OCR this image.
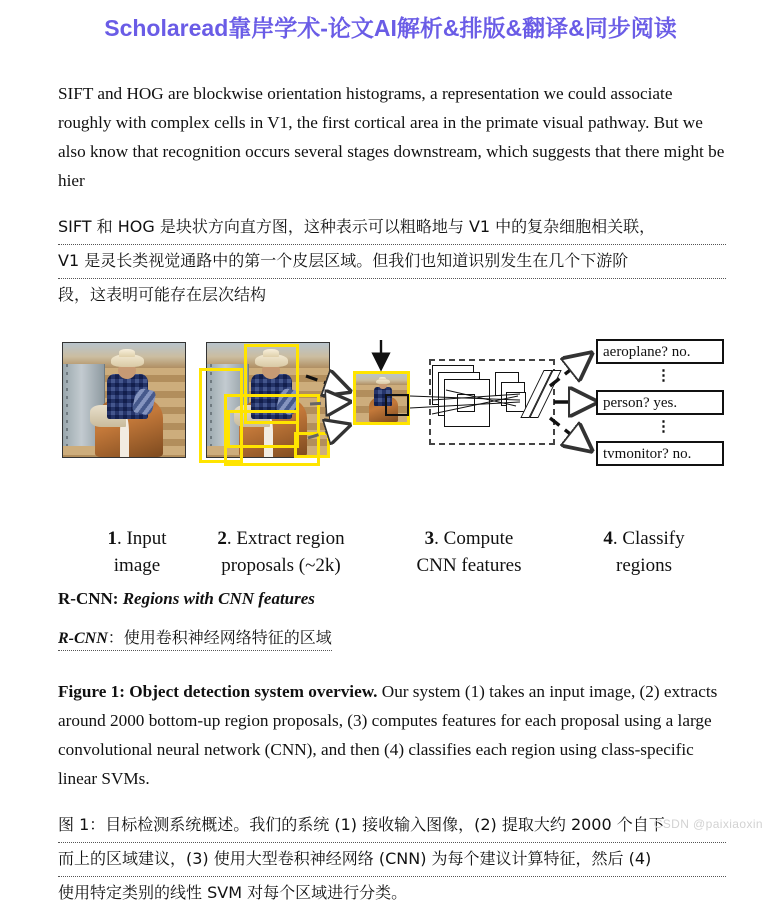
Scholaread靠岸学术-论文AI解析&排版&翻译&同步阅读

SIFT and HOG are blockwise orientation histograms, a representation we could associate roughly with complex cells in V1, the first cortical area in the primate visual pathway. But we also know that recognition occurs several stages downstream, which suggests that there might be hier

SIFT 和 HOG 是块状方向直方图，这种表示可以粗略地与 V1 中的复杂细胞相关联，
V1 是灵长类视觉通路中的第一个皮层区域。但我们也知道识别发生在几个下游阶
段，这表明可能存在层次结构
aeroplane? no.
⋮
person? yes.
⋮
tvmonitor? no.
1. Input
image
2. Extract region
proposals (~2k)
3. Compute
CNN features
4. Classify
regions
R-CNN: Regions with CNN features
R-CNN：使用卷积神经网络特征的区域
Figure 1: Object detection system overview. Our system (1) takes an input image, (2) extracts around 2000 bottom-up region proposals, (3) computes features for each proposal using a large convolutional neural network (CNN), and then (4) classifies each region using class-specific linear SVMs.
图 1：目标检测系统概述。我们的系统 (1) 接收输入图像，(2) 提取大约 2000 个自下
而上的区域建议，(3) 使用大型卷积神经网络 (CNN) 为每个建议计算特征，然后 (4)
使用特定类别的线性 SVM 对每个区域进行分类。
CSDN @paixiaoxin
